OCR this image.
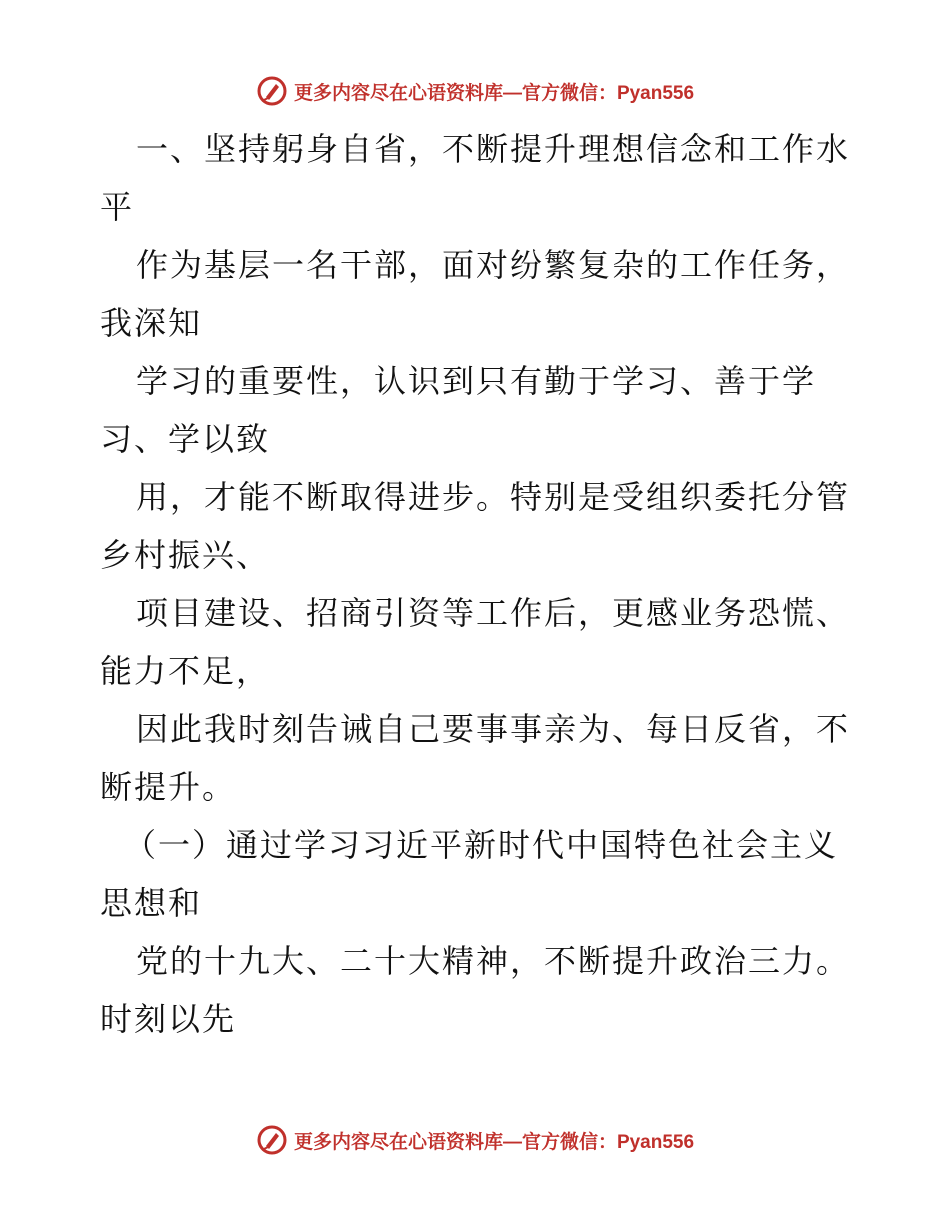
更多内容尽在心语资料库—官方微信：Pyan556
一、坚持躬身自省，不断提升理想信念和工作水
平
作为基层一名干部，面对纷繁复杂的工作任务，
我深知
学习的重要性，认识到只有勤于学习、善于学
习、学以致
用，才能不断取得进步。特别是受组织委托分管
乡村振兴、
项目建设、招商引资等工作后，更感业务恐慌、
能力不足，
因此我时刻告诫自己要事事亲为、每日反省，不
断提升。
（一）通过学习习近平新时代中国特色社会主义
思想和
党的十九大、二十大精神，不断提升政治三力。
时刻以先
更多内容尽在心语资料库—官方微信：Pyan556
